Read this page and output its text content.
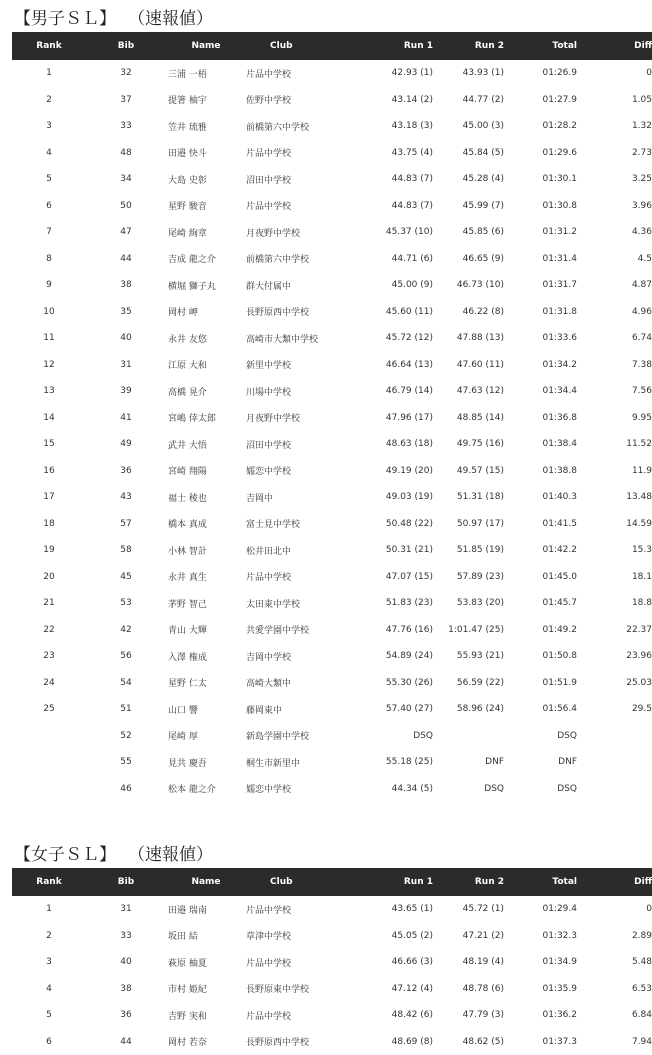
【男子ＳＬ】 （速報値）
Rank	Bib	Name	Club	Run 1	Run 2	Total	Diff
1	32	三浦 一梧	片品中学校	42.93 (1)	43.93 (1)	01:26.9	0
2	37	提箸 柚宇	佐野中学校	43.14 (2)	44.77 (2)	01:27.9	1.05
3	33	笠井 琉雅	前橋第六中学校	43.18 (3)	45.00 (3)	01:28.2	1.32
4	48	田邉 快斗	片品中学校	43.75 (4)	45.84 (5)	01:29.6	2.73
5	34	大島 史彰	沼田中学校	44.83 (7)	45.28 (4)	01:30.1	3.25
6	50	星野 駿音	片品中学校	44.83 (7)	45.99 (7)	01:30.8	3.96
7	47	尾崎 絢章	月夜野中学校	45.37 (10)	45.85 (6)	01:31.2	4.36
8	44	吉成 龍之介	前橋第六中学校	44.71 (6)	46.65 (9)	01:31.4	4.5
9	38	横堀 獅子丸	群大付属中	45.00 (9)	46.73 (10)	01:31.7	4.87
10	35	岡村 岬	長野原西中学校	45.60 (11)	46.22 (8)	01:31.8	4.96
11	40	永井 友悠	高崎市大類中学校	45.72 (12)	47.88 (13)	01:33.6	6.74
12	31	江原 大和	新里中学校	46.64 (13)	47.60 (11)	01:34.2	7.38
13	39	高橋 晃介	川場中学校	46.79 (14)	47.63 (12)	01:34.4	7.56
14	41	宮嶋 倖太郎	月夜野中学校	47.96 (17)	48.85 (14)	01:36.8	9.95
15	49	武井 大悟	沼田中学校	48.63 (18)	49.75 (16)	01:38.4	11.52
16	36	宮崎 翔陽	嬬恋中学校	49.19 (20)	49.57 (15)	01:38.8	11.9
17	43	福士 稜也	吉岡中	49.03 (19)	51.31 (18)	01:40.3	13.48
18	57	橋本 真成	富士見中学校	50.48 (22)	50.97 (17)	01:41.5	14.59
19	58	小林 智計	松井田北中	50.31 (21)	51.85 (19)	01:42.2	15.3
20	45	永井 真生	片品中学校	47.07 (15)	57.89 (23)	01:45.0	18.1
21	53	茅野 智己	太田東中学校	51.83 (23)	53.83 (20)	01:45.7	18.8
22	42	青山 大輝	共愛学園中学校	47.76 (16)	1:01.47 (25)	01:49.2	22.37
23	56	入澤 権成	吉岡中学校	54.89 (24)	55.93 (21)	01:50.8	23.96
24	54	星野 仁太	高崎大類中	55.30 (26)	56.59 (22)	01:51.9	25.03
25	51	山口 響	藤岡東中	57.40 (27)	58.96 (24)	01:56.4	29.5
	52	尾崎 厚	新島学園中学校	DSQ		DSQ	
	55	見共 慶吾	桐生市新里中	55.18 (25)	DNF	DNF	
	46	松本 龍之介	嬬恋中学校	44.34 (5)	DSQ	DSQ	
【女子ＳＬ】 （速報値）
Rank	Bib	Name	Club	Run 1	Run 2	Total	Diff
1	31	田邉 瑞南	片品中学校	43.65 (1)	45.72 (1)	01:29.4	0
2	33	坂田 結	草津中学校	45.05 (2)	47.21 (2)	01:32.3	2.89
3	40	萩原 柚夏	片品中学校	46.66 (3)	48.19 (4)	01:34.9	5.48
4	38	市村 姫紀	長野原東中学校	47.12 (4)	48.78 (6)	01:35.9	6.53
5	36	吉野 実和	片品中学校	48.42 (6)	47.79 (3)	01:36.2	6.84
6	44	岡村 若奈	長野原西中学校	48.69 (8)	48.62 (5)	01:37.3	7.94
